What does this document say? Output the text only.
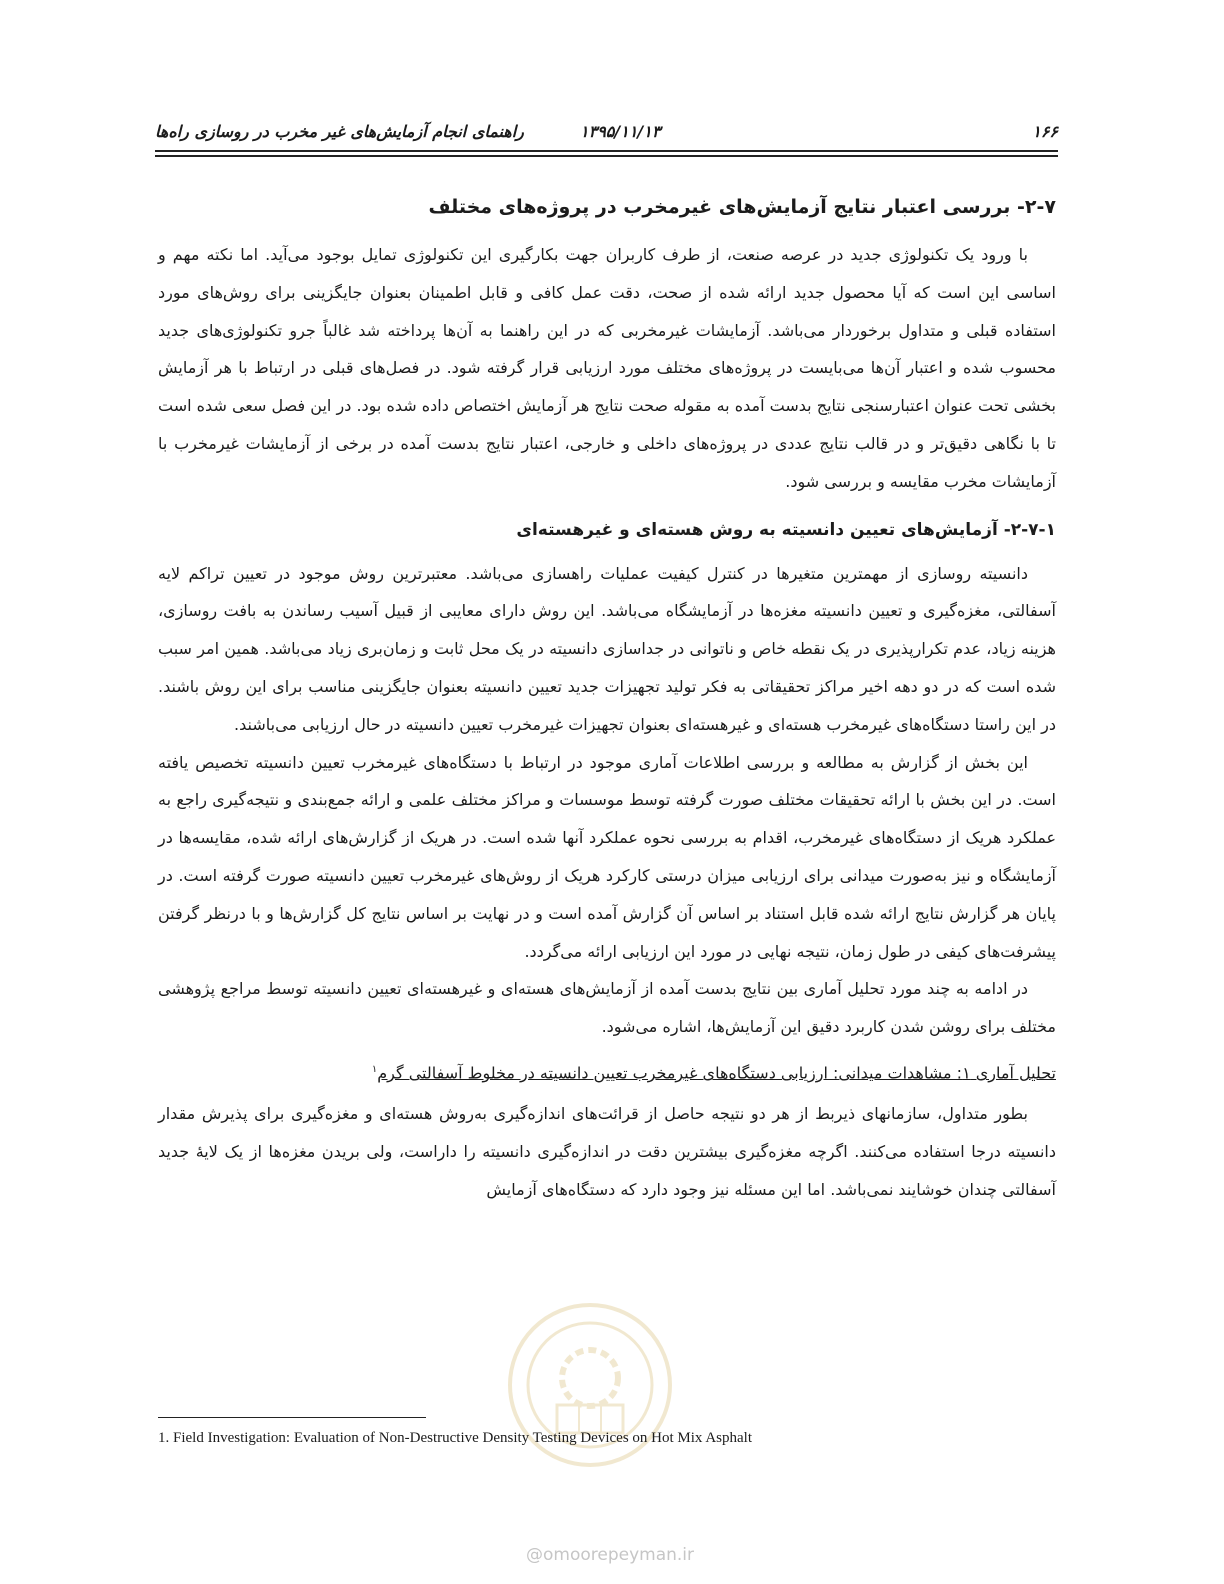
۱۶۶
۱۳۹۵/۱۱/۱۳
راهنمای انجام آزمایش‌های غیر مخرب در روسازی راه‌ها
۲-۷- بررسی اعتبار نتایج آزمایش‌های غیرمخرب در پروژه‌های مختلف

با ورود یک تکنولوژی جدید در عرصه صنعت، از طرف کاربران جهت بکارگیری این تکنولوژی تمایل بوجود می‌آید. اما نکته مهم و اساسی این است که آیا محصول جدید ارائه شده از صحت، دقت عمل کافی و قابل اطمینان بعنوان جایگزینی برای روش‌های مورد استفاده قبلی و متداول برخوردار می‌باشد. آزمایشات غیرمخربی که در این راهنما به آن‌ها پرداخته شد غالباً جرو تکنولوژی‌های جدید محسوب شده و اعتبار آن‌ها می‌بایست در پروژه‌های مختلف مورد ارزیابی قرار گرفته شود. در فصل‌های قبلی در ارتباط با هر آزمایش بخشی تحت عنوان اعتبارسنجی نتایج بدست آمده به مقوله صحت نتایج هر آزمایش اختصاص داده شده بود. در این فصل سعی شده است تا با نگاهی دقیق‌تر و در قالب نتایج عددی در پروژه‌های داخلی و خارجی، اعتبار نتایج بدست آمده در برخی از آزمایشات غیرمخرب با آزمایشات مخرب مقایسه و بررسی شود.

۲-۷-۱- آزمایش‌های تعیین دانسیته به روش هسته‌ای و غیرهسته‌ای

دانسیته روسازی از مهمترین متغیرها در کنترل کیفیت عملیات راهسازی می‌باشد. معتبرترین روش موجود در تعیین تراکم لایه آسفالتی، مغزه‌گیری و تعیین دانسیته مغزه‌ها در آزمایشگاه می‌باشد. این روش دارای معایبی از قبیل آسیب رساندن به بافت روسازی، هزینه زیاد، عدم تکرارپذیری در یک نقطه خاص و ناتوانی در جداسازی دانسیته در یک محل ثابت و زمان‌بری زیاد می‌باشد. همین امر سبب شده است که در دو دهه اخیر مراکز تحقیقاتی به فکر تولید تجهیزات جدید تعیین دانسیته بعنوان جایگزینی مناسب برای این روش باشند. در این راستا دستگاه‌های غیرمخرب هسته‌ای و غیرهسته‌ای بعنوان تجهیزات غیرمخرب تعیین دانسیته در حال ارزیابی می‌باشند.

این بخش از گزارش به مطالعه و بررسی اطلاعات آماری موجود در ارتباط با دستگاه‌های غیرمخرب تعیین دانسیته تخصیص یافته است. در این بخش با ارائه تحقیقات مختلف صورت گرفته توسط موسسات و مراکز مختلف علمی و ارائه جمع‌بندی و نتیجه‌گیری راجع به عملکرد هریک از دستگاه‌های غیرمخرب، اقدام به بررسی نحوه عملکرد آنها شده است. در هریک از گزارش‌های ارائه شده، مقایسه‌ها در آزمایشگاه و نیز به‌صورت میدانی برای ارزیابی میزان درستی کارکرد هریک از روش‌های غیرمخرب تعیین دانسیته صورت گرفته است. در پایان هر گزارش نتایج ارائه شده قابل استناد بر اساس آن گزارش آمده است و در نهایت بر اساس نتایج کل گزارش‌ها و با درنظر گرفتن پیشرفت‌های کیفی در طول زمان، نتیجه نهایی در مورد این ارزیابی ارائه می‌گردد.

در ادامه به چند مورد تحلیل آماری بین نتایج بدست آمده از آزمایش‌های هسته‌ای و غیرهسته‌ای تعیین دانسیته توسط مراجع پژوهشی مختلف برای روشن شدن کاربرد دقیق این آزمایش‌ها، اشاره می‌شود.

تحلیل آماری ۱: مشاهدات میدانی: ارزیابی دستگاه‌های غیرمخرب تعیین دانسیته در مخلوط آسفالتی گرم$^۱$

بطور متداول، سازمانهای ذیربط از هر دو نتیجه حاصل از قرائت‌های اندازه‌گیری به‌روش هسته‌ای و مغزه‌گیری برای پذیرش مقدار دانسیته درجا استفاده می‌کنند. اگرچه مغزه‌گیری بیشترین دقت در اندازه‌گیری دانسیته را داراست، ولی بریدن مغزه‌ها از یک لایهٔ جدید آسفالتی چندان خوشایند نمی‌باشد. اما این مسئله نیز وجود دارد که دستگاه‌های آزمایش

1. Field Investigation: Evaluation of Non-Destructive Density Testing Devices on Hot Mix Asphalt
@omoorepeyman.ir
